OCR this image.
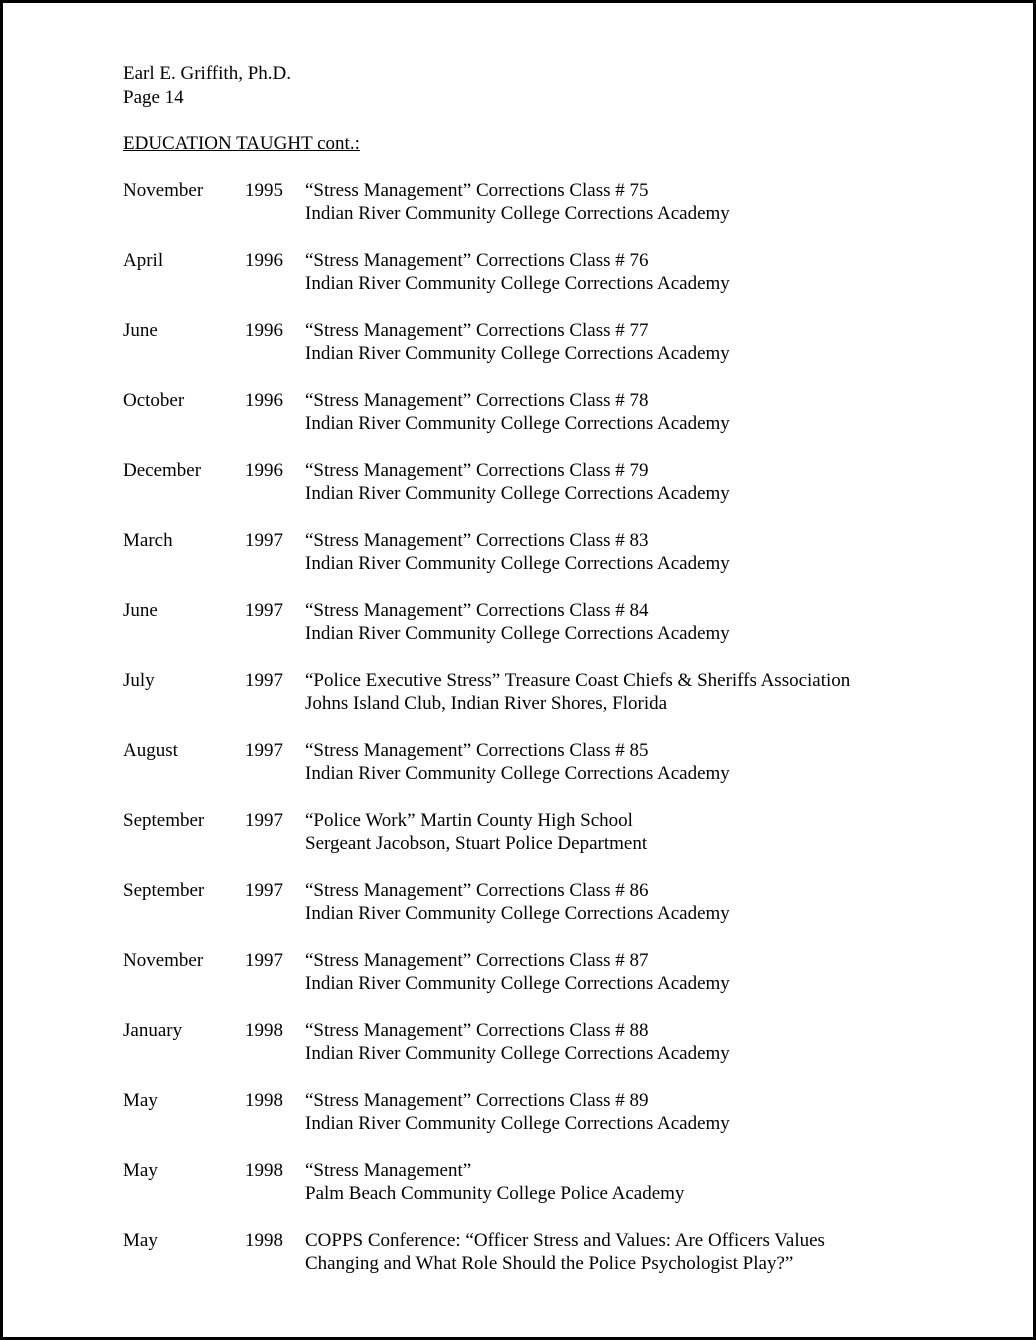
Earl E. Griffith, Ph.D.
Page 14
EDUCATION TAUGHT cont.:
November	1995	“Stress Management” Corrections Class # 75
Indian River Community College Corrections Academy
April	1996	“Stress Management” Corrections Class # 76
Indian River Community College Corrections Academy
June	1996	“Stress Management” Corrections Class # 77
Indian River Community College Corrections Academy
October	1996	“Stress Management” Corrections Class # 78
Indian River Community College Corrections Academy
December	1996	“Stress Management” Corrections Class # 79
Indian River Community College Corrections Academy
March	1997	“Stress Management” Corrections Class # 83
Indian River Community College Corrections Academy
June	1997	“Stress Management” Corrections Class # 84
Indian River Community College Corrections Academy
July	1997	“Police Executive Stress” Treasure Coast Chiefs & Sheriffs Association
Johns Island Club, Indian River Shores, Florida
August	1997	“Stress Management” Corrections Class # 85
Indian River Community College Corrections Academy
September	1997	“Police Work” Martin County High School
Sergeant Jacobson, Stuart Police Department
September	1997	“Stress Management” Corrections Class # 86
Indian River Community College Corrections Academy
November	1997	“Stress Management” Corrections Class # 87
Indian River Community College Corrections Academy
January	1998	“Stress Management” Corrections Class # 88
Indian River Community College Corrections Academy
May	1998	“Stress Management” Corrections Class # 89
Indian River Community College Corrections Academy
May	1998	“Stress Management”
Palm Beach Community College Police Academy
May	1998	COPPS Conference: “Officer Stress and Values: Are Officers Values
Changing and What Role Should the Police Psychologist Play?”
